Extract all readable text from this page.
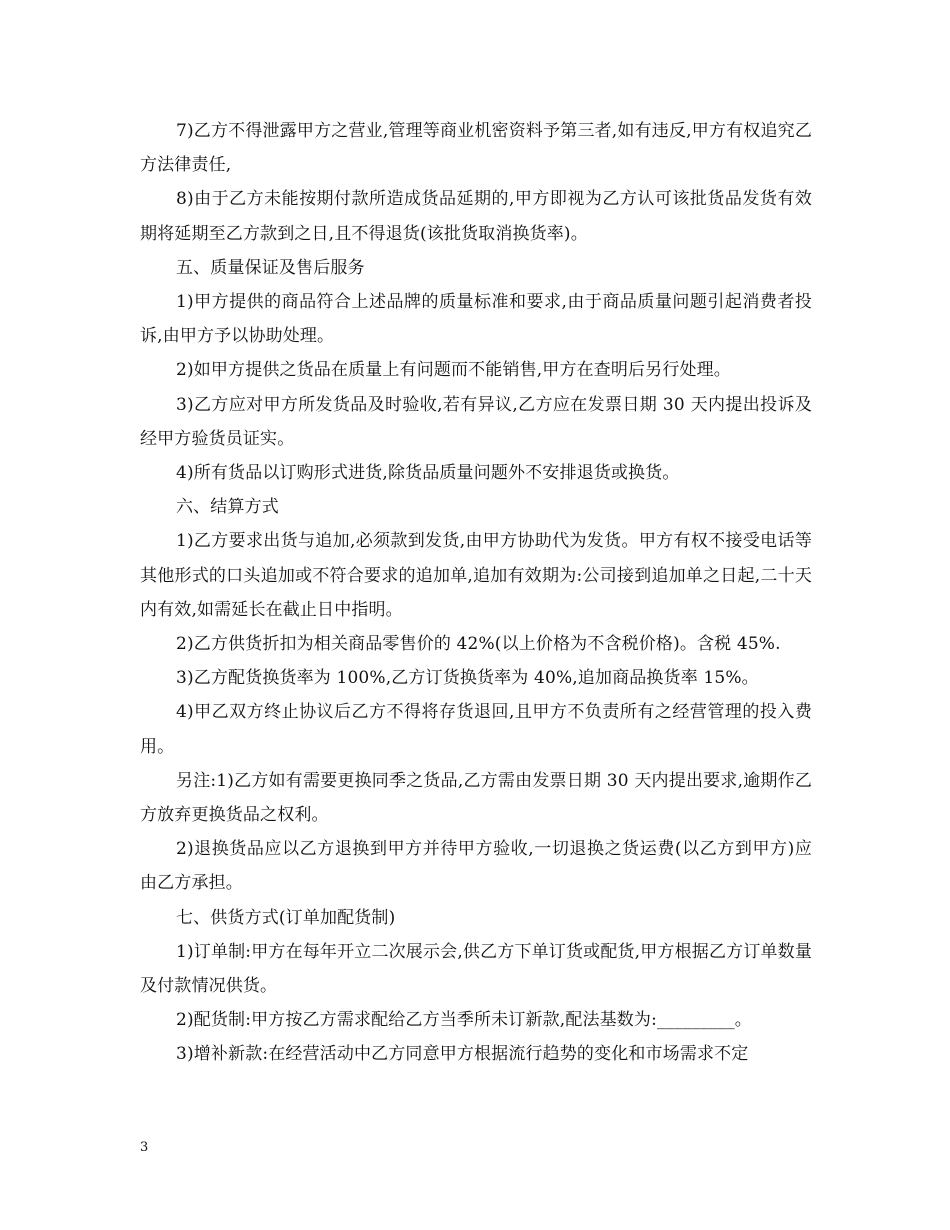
7)乙方不得泄露甲方之营业,管理等商业机密资料予第三者,如有违反,甲方有权追究乙方法律责任,

8)由于乙方未能按期付款所造成货品延期的,甲方即视为乙方认可该批货品发货有效期将延期至乙方款到之日,且不得退货(该批货取消换货率)。

五、质量保证及售后服务

1)甲方提供的商品符合上述品牌的质量标准和要求,由于商品质量问题引起消费者投诉,由甲方予以协助处理。

2)如甲方提供之货品在质量上有问题而不能销售,甲方在查明后另行处理。

3)乙方应对甲方所发货品及时验收,若有异议,乙方应在发票日期 30 天内提出投诉及经甲方验货员证实。

4)所有货品以订购形式进货,除货品质量问题外不安排退货或换货。

六、结算方式

1)乙方要求出货与追加,必须款到发货,由甲方协助代为发货。甲方有权不接受电话等其他形式的口头追加或不符合要求的追加单,追加有效期为:公司接到追加单之日起,二十天内有效,如需延长在截止日中指明。

2)乙方供货折扣为相关商品零售价的 42%(以上价格为不含税价格)。含税 45%.

3)乙方配货换货率为 100%,乙方订货换货率为 40%,追加商品换货率 15%。

4)甲乙双方终止协议后乙方不得将存货退回,且甲方不负责所有之经营管理的投入费用。

另注:1)乙方如有需要更换同季之货品,乙方需由发票日期 30 天内提出要求,逾期作乙方放弃更换货品之权利。

2)退换货品应以乙方退换到甲方并待甲方验收,一切退换之货运费(以乙方到甲方)应由乙方承担。

七、供货方式(订单加配货制)

1)订单制:甲方在每年开立二次展示会,供乙方下单订货或配货,甲方根据乙方订单数量及付款情况供货。

2)配货制:甲方按乙方需求配给乙方当季所未订新款,配法基数为:_________。

3)增补新款:在经营活动中乙方同意甲方根据流行趋势的变化和市场需求不定

3
